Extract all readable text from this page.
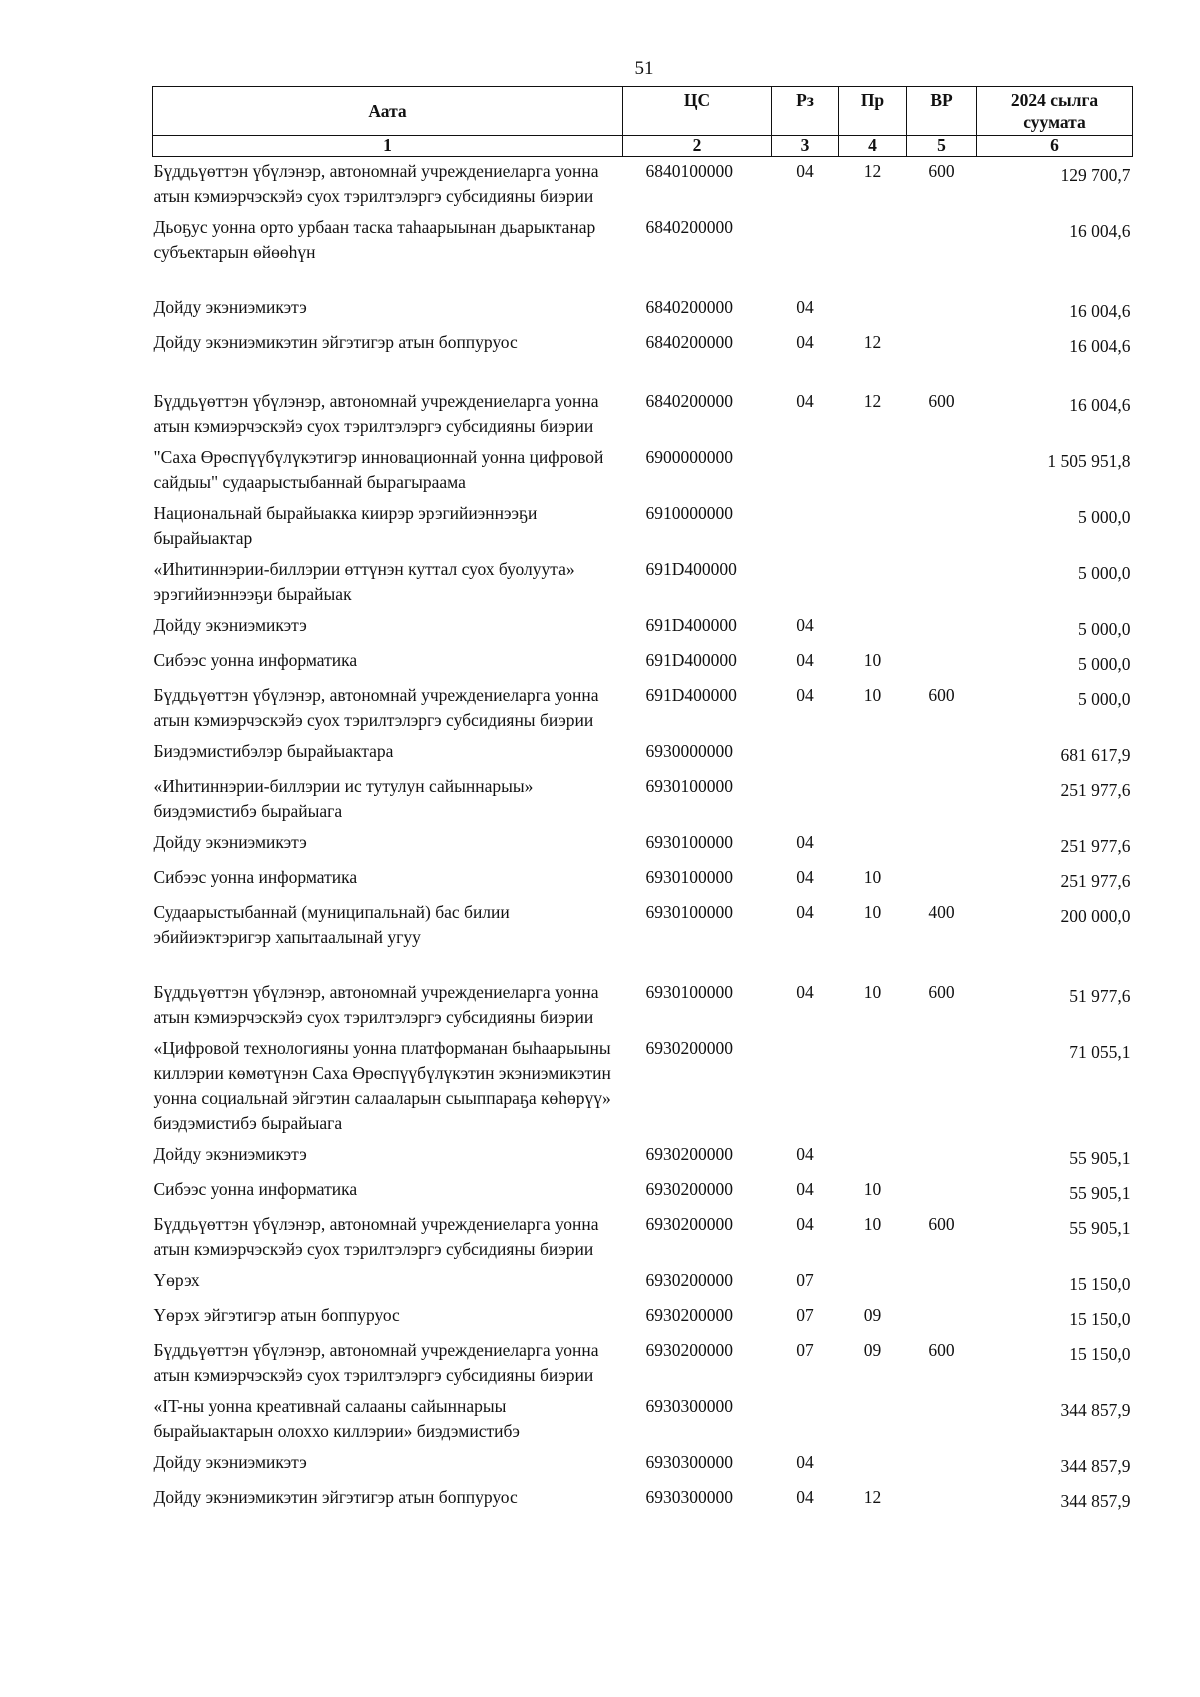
51
Аата	ЦС	Рз	Пр	ВР	2024 сылга суумата
1	2	3	4	5	6
Бүддьүөттэн үбүлэнэр, автономнай учреждениеларга уонна атын кэмиэрчэскэйэ суох тэрилтэлэргэ субсидияны биэрии	6840100000	04	12	600	129 700,7
Дьоҕус уонна орто урбаан таска таһаарыынан дьарыктанар субъектарын өйөөһүн	6840200000				16 004,6
Дойду экэниэмикэтэ	6840200000	04			16 004,6
Дойду экэниэмикэтин эйгэтигэр атын боппуруос	6840200000	04	12		16 004,6
Бүддьүөттэн үбүлэнэр, автономнай учреждениеларга уонна атын кэмиэрчэскэйэ суох тэрилтэлэргэ субсидияны биэрии	6840200000	04	12	600	16 004,6
"Саха Өрөспүүбүлүкэтигэр инновационнай уонна цифровой сайдыы" судаарыстыбаннай бырагыраама	6900000000				1 505 951,8
Национальнай бырайыакка киирэр эрэгийиэннээҕи бырайыактар	6910000000				5 000,0
«Иһитиннэрии-биллэрии өттүнэн куттал суох буолуута» эрэгийиэннээҕи бырайыак	691D400000				5 000,0
Дойду экэниэмикэтэ	691D400000	04			5 000,0
Сибээс уонна информатика	691D400000	04	10		5 000,0
Бүддьүөттэн үбүлэнэр, автономнай учреждениеларга уонна атын кэмиэрчэскэйэ суох тэрилтэлэргэ субсидияны биэрии	691D400000	04	10	600	5 000,0
Биэдэмистибэлэр бырайыактара	6930000000				681 617,9
«Иһитиннэрии-биллэрии ис тутулун сайыннарыы» биэдэмистибэ бырайыага	6930100000				251 977,6
Дойду экэниэмикэтэ	6930100000	04			251 977,6
Сибээс уонна информатика	6930100000	04	10		251 977,6
Судаарыстыбаннай (муниципальнай) бас билии эбийиэктэригэр хапытаалынай угуу	6930100000	04	10	400	200 000,0
Бүддьүөттэн үбүлэнэр, автономнай учреждениеларга уонна атын кэмиэрчэскэйэ суох тэрилтэлэргэ субсидияны биэрии	6930100000	04	10	600	51 977,6
«Цифровой технологияны уонна платформанан быһаарыыны киллэрии көмөтүнэн Саха Өрөспүүбүлүкэтин экэниэмикэтин уонна социальнай эйгэтин салааларын сыыппараҕа көһөрүү» биэдэмистибэ бырайыага	6930200000				71 055,1
Дойду экэниэмикэтэ	6930200000	04			55 905,1
Сибээс уонна информатика	6930200000	04	10		55 905,1
Бүддьүөттэн үбүлэнэр, автономнай учреждениеларга уонна атын кэмиэрчэскэйэ суох тэрилтэлэргэ субсидияны биэрии	6930200000	04	10	600	55 905,1
Үөрэх	6930200000	07			15 150,0
Үөрэх эйгэтигэр атын боппуруос	6930200000	07	09		15 150,0
Бүддьүөттэн үбүлэнэр, автономнай учреждениеларга уонна атын кэмиэрчэскэйэ суох тэрилтэлэргэ субсидияны биэрии	6930200000	07	09	600	15 150,0
«IT-ны уонна креативнай салааны сайыннарыы бырайыактарын олоххо киллэрии» биэдэмистибэ	6930300000				344 857,9
Дойду экэниэмикэтэ	6930300000	04			344 857,9
Дойду экэниэмикэтин эйгэтигэр атын боппуруос	6930300000	04	12		344 857,9
